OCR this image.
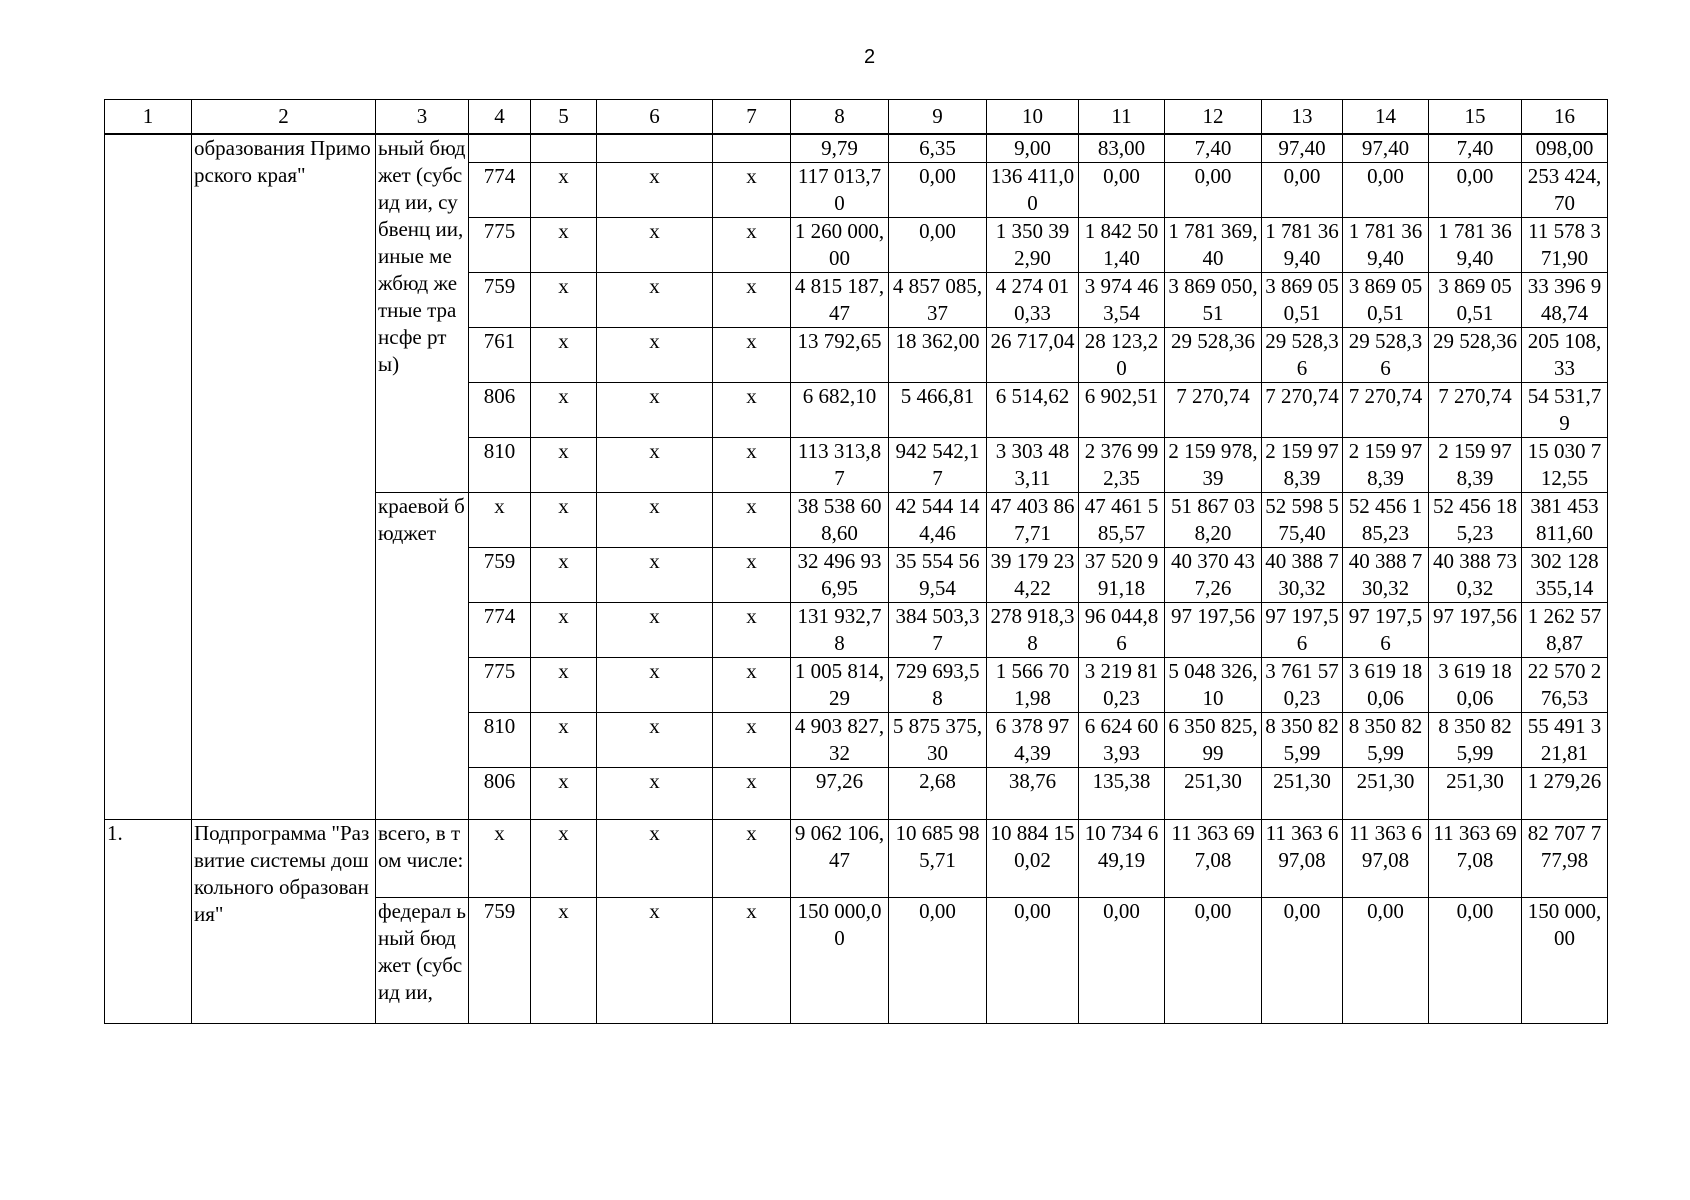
2
1	2	3	4	5	6	7	8	9	10	11	12	13	14	15	16
	образования Приморского края"	ьный бюджет (субсид ии, субвенц ии, иные межбюд жетные трансфе рты)					9,79	6,35	9,00	83,00	7,40	97,40	97,40	7,40	098,00
			774	x	x	x	117 013,70	0,00	136 411,00	0,00	0,00	0,00	0,00	0,00	253 424,70
			775	x	x	x	1 260 000,00	0,00	1 350 392,90	1 842 501,40	1 781 369,40	1 781 369,40	1 781 369,40	1 781 369,40	11 578 371,90
			759	x	x	x	4 815 187,47	4 857 085,37	4 274 010,33	3 974 463,54	3 869 050,51	3 869 050,51	3 869 050,51	3 869 050,51	33 396 948,74
			761	x	x	x	13 792,65	18 362,00	26 717,04	28 123,20	29 528,36	29 528,36	29 528,36	29 528,36	205 108,33
			806	x	x	x	6 682,10	5 466,81	6 514,62	6 902,51	7 270,74	7 270,74	7 270,74	7 270,74	54 531,79
			810	x	x	x	113 313,87	942 542,17	3 303 483,11	2 376 992,35	2 159 978,39	2 159 978,39	2 159 978,39	2 159 978,39	15 030 712,55
		краевой бюджет	x	x	x	x	38 538 608,60	42 544 144,46	47 403 867,71	47 461 585,57	51 867 038,20	52 598 575,40	52 456 185,23	52 456 185,23	381 453 811,60
			759	x	x	x	32 496 936,95	35 554 569,54	39 179 234,22	37 520 991,18	40 370 437,26	40 388 730,32	40 388 730,32	40 388 730,32	302 128 355,14
			774	x	x	x	131 932,78	384 503,37	278 918,38	96 044,86	97 197,56	97 197,56	97 197,56	97 197,56	1 262 578,87
			775	x	x	x	1 005 814,29	729 693,58	1 566 701,98	3 219 810,23	5 048 326,10	3 761 570,23	3 619 180,06	3 619 180,06	22 570 276,53
			810	x	x	x	4 903 827,32	5 875 375,30	6 378 974,39	6 624 603,93	6 350 825,99	8 350 825,99	8 350 825,99	8 350 825,99	55 491 321,81
			806	x	x	x	97,26	2,68	38,76	135,38	251,30	251,30	251,30	251,30	1 279,26
1.	Подпрограмма "Развитие системы дошкольного образования"	всего, в том числе:	x	x	x	x	9 062 106,47	10 685 985,71	10 884 150,02	10 734 649,19	11 363 697,08	11 363 697,08	11 363 697,08	11 363 697,08	82 707 777,98
		федерал ьный бюджет (субсид ии,	759	x	x	x	150 000,00	0,00	0,00	0,00	0,00	0,00	0,00	0,00	150 000,00
